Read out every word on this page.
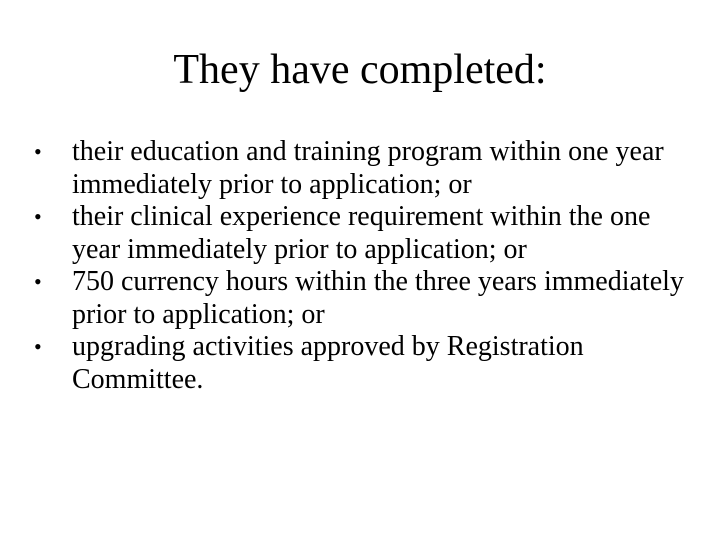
They have completed:
• their education and training program within one year immediately prior to application; or
• their clinical experience requirement within the one year immediately prior to application; or
• 750 currency hours within the three years immediately prior to application; or
• upgrading activities approved by Registration Committee.
